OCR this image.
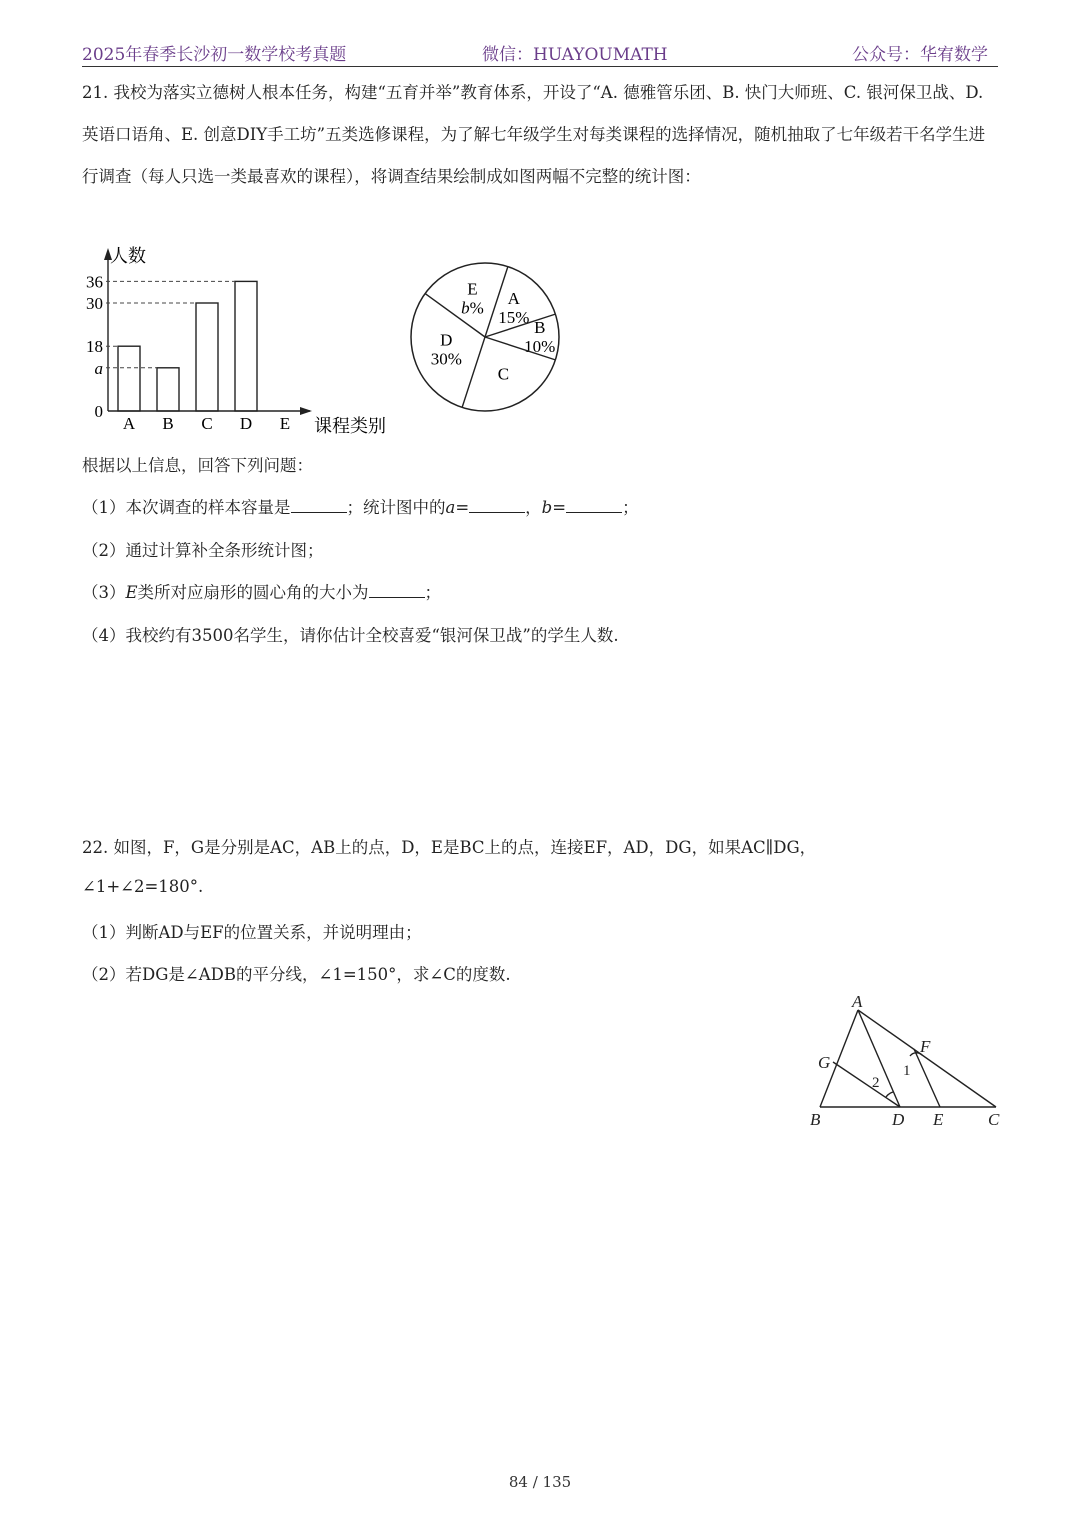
2025年春季长沙初一数学校考真题	微信：HUAYOUMATH	公众号：华宥数学
21. 我校为落实立德树人根本任务，构建“五育并举”教育体系，开设了“A. 德雅管乐团、B. 快门大师班、C. 银河保卫战、D. 英语口语角、E. 创意DIY手工坊”五类选修课程，为了解七年级学生对每类课程的选择情况，随机抽取了七年级若干名学生进行调查（每人只选一类最喜欢的课程），将调查结果绘制成如图两幅不完整的统计图：
0
a
18
30
36
A B C D E
人数
课程类别
A
15%
B
10%
C
D
30%
E
b%
根据以上信息，回答下列问题：
（1）本次调查的样本容量是	；统计图中的a=	，b=	；
（2）通过计算补全条形统计图；
（3）E类所对应扇形的圆心角的大小为	；
（4）我校约有3500名学生，请你估计全校喜爱“银河保卫战”的学生人数.
22. 如图，F，G是分别是AC，AB上的点，D，E是BC上的点，连接EF，AD，DG，如果AC∥DG，
∠1+∠2=180°.
（1）判断AD与EF的位置关系，并说明理由；
（2）若DG是∠ADB的平分线，∠1=150°，求∠C的度数.
A
B	C
D E
F
G	1
2
84 / 135
